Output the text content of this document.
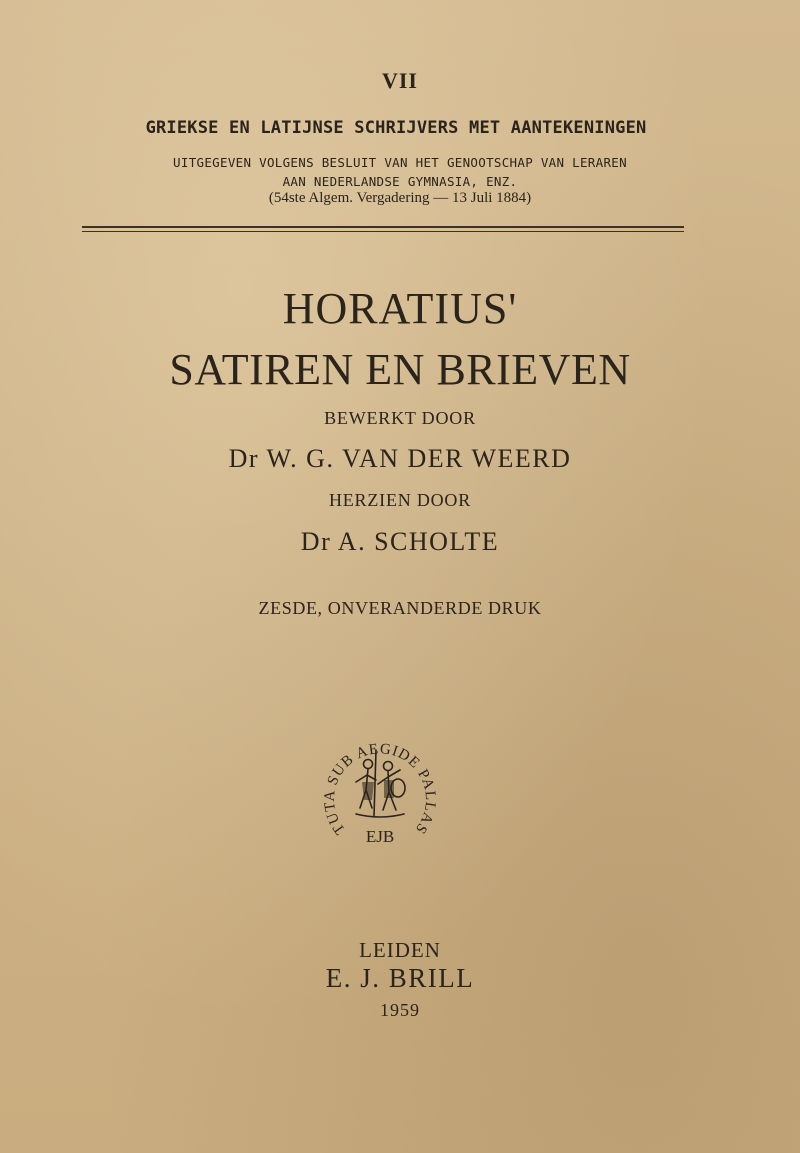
VII
GRIEKSE EN LATIJNSE SCHRIJVERS MET AANTEKENINGEN
UITGEGEVEN VOLGENS BESLUIT VAN HET GENOOTSCHAP VAN LERAREN
AAN NEDERLANDSE GYMNASIA, ENZ.
(54ste Algem. Vergadering — 13 Juli 1884)
HORATIUS'
SATIREN EN BRIEVEN
BEWERKT DOOR
Dr W. G. VAN DER WEERD
HERZIEN DOOR
Dr A. SCHOLTE
ZESDE, ONVERANDERDE DRUK
TUTA SUB AEGIDE PALLAS
EJB
LEIDEN
E. J. BRILL
1959
